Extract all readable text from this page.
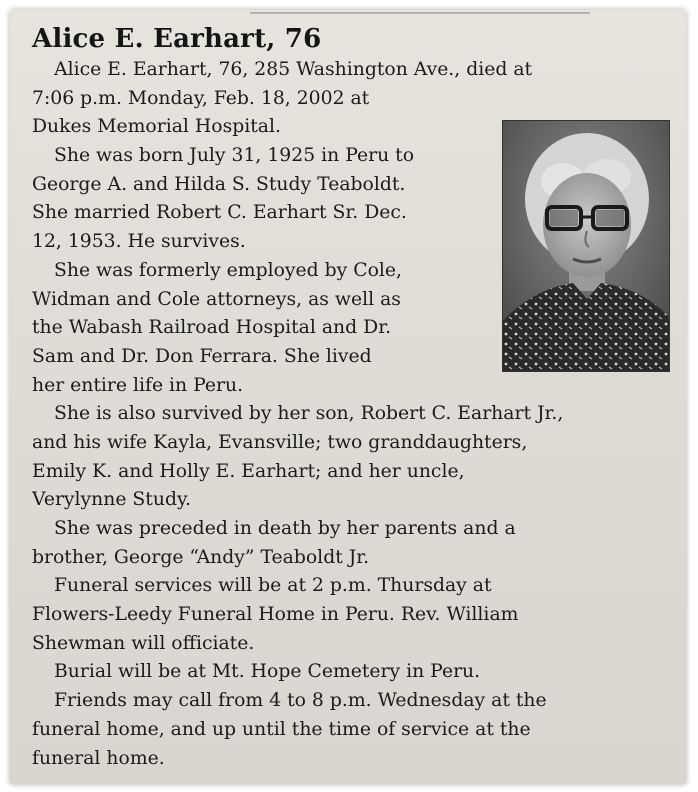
Alice E. Earhart, 76
Alice E. Earhart, 76, 285 Washington Ave., died at
7:06 p.m. Monday, Feb. 18, 2002 at
Dukes Memorial Hospital.
She was born July 31, 1925 in Peru to
George A. and Hilda S. Study Teaboldt.
She married Robert C. Earhart Sr. Dec.
12, 1953. He survives.
She was formerly employed by Cole,
Widman and Cole attorneys, as well as
the Wabash Railroad Hospital and Dr.
Sam and Dr. Don Ferrara. She lived
her entire life in Peru.
She is also survived by her son, Robert C. Earhart Jr.,
and his wife Kayla, Evansville; two granddaughters,
Emily K. and Holly E. Earhart; and her uncle,
Verylynne Study.
She was preceded in death by her parents and a
brother, George “Andy” Teaboldt Jr.
Funeral services will be at 2 p.m. Thursday at
Flowers-Leedy Funeral Home in Peru. Rev. William
Shewman will officiate.
Burial will be at Mt. Hope Cemetery in Peru.
Friends may call from 4 to 8 p.m. Wednesday at the
funeral home, and up until the time of service at the
funeral home.
